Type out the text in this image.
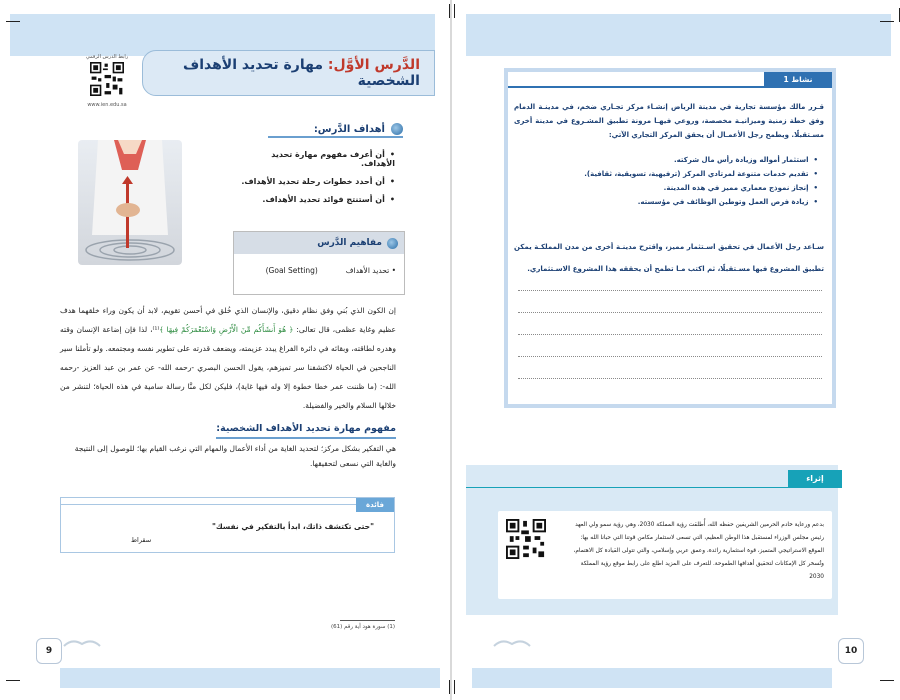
رابط الدرس الرقمي
www.ien.edu.sa
الدَّرس الأوَّل: مهارة تحديد الأهداف الشخصية
أهداف الدَّرس:
• أن أعرف مفهوم مهارة تحديد الأهداف.
• أن أحدد خطوات رحلة تحديد الأهداف.
• أن أستنتج فوائد تحديد الأهداف.
مفاهيم الدَّرس
• تحديد الأهداف
(Goal Setting)
إن الكون الذي بُني وفق نظام دقيق، والإنسان الذي خُلق في أحسن تقويم، لابد أن يكون وراء خلقهما هدف عظيم وغاية عظمى، قال تعالى: ﴿ هُوَ أَنشَأَكُم مِّنَ الْأَرْضِ وَاسْتَعْمَرَكُمْ فِيهَا ﴾⁽¹⁾، لذا فإن إضاعة الإنسان وقته وهدره لطاقته، وبقائه في دائرة الفراغ يبدد عزيمته، ويضعف قدرته على تطوير نفسه ومجتمعه. ولو تأملنا سير الناجحين في الحياة لاكتشفنا سر تميزهم، يقول الحسن البصري -رحمه الله- عن عمر بن عبد العزيز -رحمه الله-: (ما ظننت عمر خطا خطوة إلا وله فيها غاية)، فليكن لكل منَّا رسالة سامية في هذه الحياة؛ لتنشر من خلالها السلام والخير والفضيلة.
مفهوم مهارة تحديد الأهداف الشخصية:
هي التفكير بشكل مركز؛ لتحديد الغاية من أداء الأعمال والمهام التي نرغب القيام بها؛ للوصول إلى النتيجة والغاية التي نسعى لتحقيقها.
فائدة
"حتى تكتشف ذاتك، ابدأ بالتفكير في نفسك"
سقراط
(1) سورة هود آية رقم (61)
9
نشاط 1
قـرر مالك مؤسسة تجارية في مدينة الرياض إنشـاء مركز تجـاري ضخم، في مدينـة الدمام وفق خطة زمنية وميزانيـة مخصصة، وروعي فيهـا مرونة تطبيق المشـروع في مدينة أخرى مسـتقبلًا. ويطمح رجل الأعمـال أن يحقق المركز التجاري الآتي:
• استثمار أمواله وزيادة رأس مال شركته.
• تقديم خدمات متنوعة لمرتادي المركز (ترفيهية، تسويقية، ثقافية).
• إنجاز نموذج معماري مميز في هذه المدينة.
• زيادة فرص العمل وتوطين الوظائف في مؤسسته.
سـاعد رجل الأعمال في تحقيق اسـتثمار مميز، واقترح مدينـة أخرى من مدن المملكـة يمكن تطبيق المشروع فيها مسـتقبلًا، ثم اكتب مـا تطمح أن يحققه هذا المشروع الاسـتثماري.
إثراء
بدعم ورعاية خادم الحرمين الشريفين حفظه الله، أُطلقت رؤية المملكة 2030، وهي رؤية سمو ولي العهد رئيس مجلس الوزراء لمستقبل هذا الوطن العظيم، التي تسعى لاستثمار مكامن قوتنا التي حبانا الله بها: الموقع الاستراتيجي المتميز، قوة استثمارية رائدة، وعمق عربي وإسلامي، والتي تتولى القيادة كل الاهتمام، وتُسخر كل الإمكانات لتحقيق أهدافها الطموحة. للتعرف على المزيد اطلع على رابط موقع رؤية المملكة 2030
10
